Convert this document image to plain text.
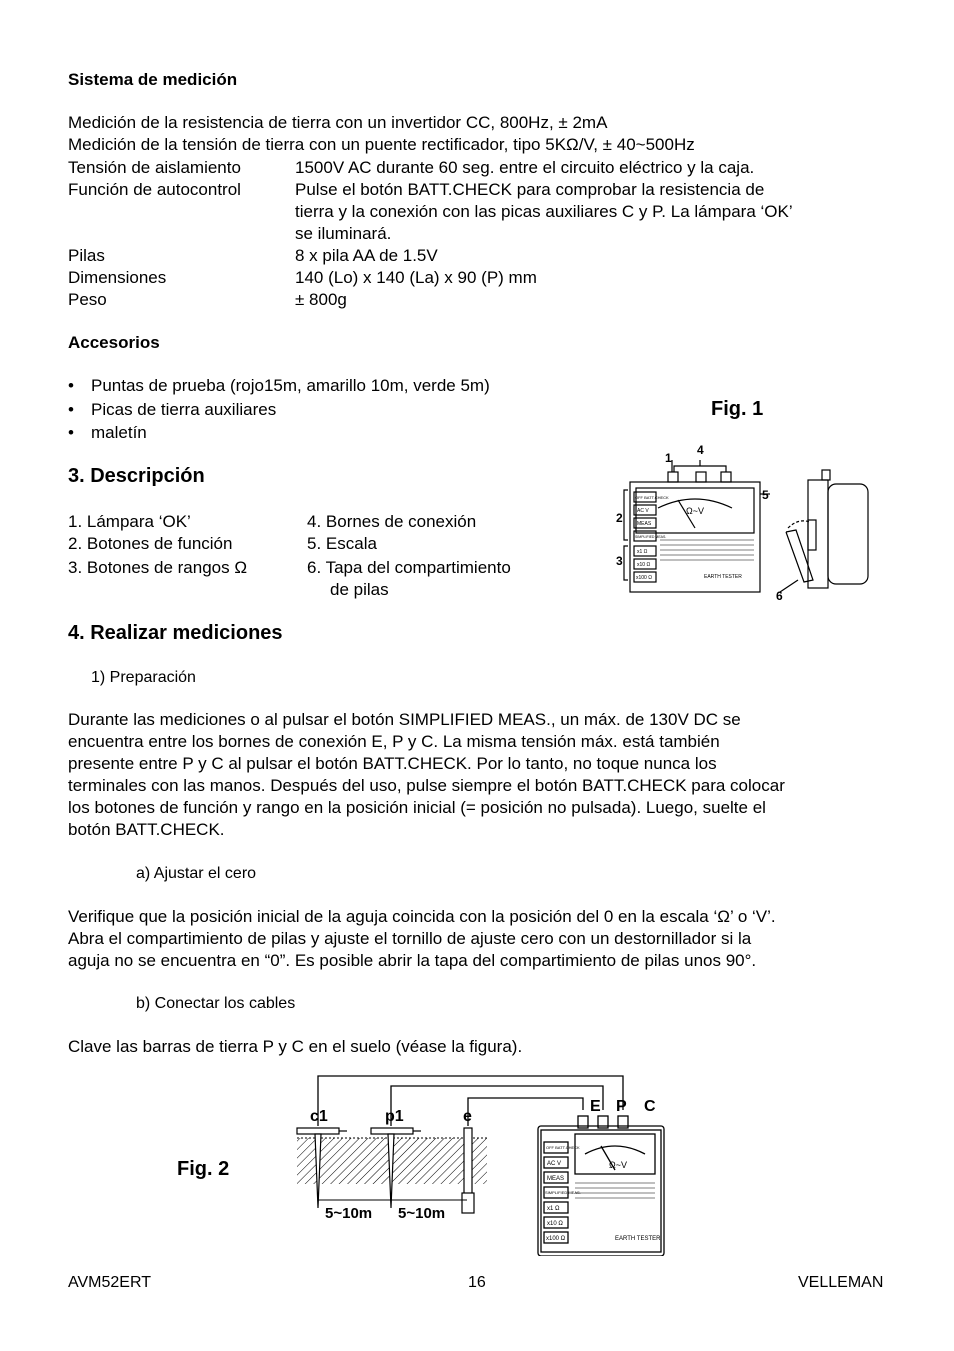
Sistema de medición
Medición de la resistencia de tierra con un invertidor CC, 800Hz, ± 2mA
Medición de la tensión de tierra con un puente rectificador, tipo 5KΩ/V, ± 40~500Hz
Tensión de aislamiento	1500V AC durante 60 seg. entre el circuito eléctrico y la caja.
Función de autocontrol	Pulse el botón BATT.CHECK para comprobar la resistencia de
tierra y la conexión con las picas auxiliares C y P. La lámpara ‘OK’
se iluminará.
Pilas	8 x pila AA de 1.5V
Dimensiones	140 (Lo) x 140 (La) x 90 (P) mm
Peso	± 800g
Accesorios
• Puntas de prueba (rojo15m, amarillo 10m, verde 5m)
• Picas de tierra auxiliares
• maletín
Fig. 1
3. Descripción
1. Lámpara ‘OK’
2. Botones de función
3. Botones de rangos Ω
4. Bornes de conexión
5. Escala
6. Tapa del compartimiento
de pilas
Ω~V
EARTH TESTER
OFF BATT.CHECK
AC V
MEAS
SIMPLIFIED MEAS.
x1 Ω
x10 Ω
x100 Ω
1
2
3
4
5
6
4. Realizar mediciones
1) Preparación
Durante las mediciones o al pulsar el botón SIMPLIFIED MEAS., un máx. de 130V DC se
encuentra entre los bornes de conexión E, P y C. La misma tensión máx. está también
presente entre P y C al pulsar el botón BATT.CHECK. Por lo tanto, no toque nunca los
terminales con las manos. Después del uso, pulse siempre el botón BATT.CHECK para colocar
los botones de función y rango en la posición inicial (= posición no pulsada). Luego, suelte el
botón BATT.CHECK.
a) Ajustar el cero
Verifique que la posición inicial de la aguja coincida con la posición del 0 en la escala ‘Ω’ o ‘V’.
Abra el compartimiento de pilas y ajuste el tornillo de ajuste cero con un destornillador si la
aguja no se encuentra en “0”. Es posible abrir la tapa del compartimiento de pilas unos 90°.
b) Conectar los cables
Clave las barras de tierra P y C en el suelo (véase la figura).
Fig. 2	Ω~V
EARTH TESTER
OFF BATT.CHECK
AC V
MEAS
SIMPLIFIED MEAS.
x1 Ω
x10 Ω
x100 Ω
c1	p1	e
E P C
5~10m 5~10m
AVM52ERT	16	VELLEMAN
